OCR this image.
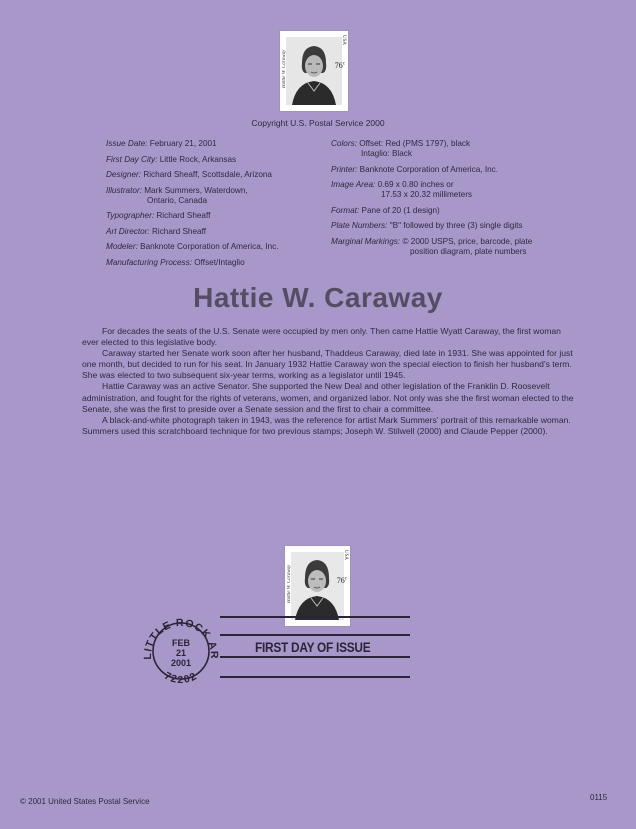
Hattie W. Caraway
USA
76$^c$
Copyright U.S. Postal Service 2000
Issue Date: February 21, 2001
First Day City: Little Rock, Arkansas
Designer: Richard Sheaff, Scottsdale, Arizona
Illustrator: Mark Summers, Waterdown,
Ontario, Canada
Typographer: Richard Sheaff
Art Director: Richard Sheaff
Modeler: Banknote Corporation of America, Inc.
Manufacturing Process: Offset/Intaglio
Colors: Offset: Red (PMS 1797), black
Intaglio: Black
Printer: Banknote Corporation of America, Inc.
Image Area: 0.69 x 0.80 inches or
17.53 x 20.32 millimeters
Format: Pane of 20 (1 design)
Plate Numbers: "B" followed by three (3) single digits
Marginal Markings: © 2000 USPS, price, barcode, plate
position diagram, plate numbers
Hattie W. Caraway

For decades the seats of the U.S. Senate were occupied by men only. Then came Hattie Wyatt Caraway, the first woman ever elected to this legislative body.

Caraway started her Senate work soon after her husband, Thaddeus Caraway, died late in 1931. She was appointed for just one month, but decided to run for his seat. In January 1932 Hattie Caraway won the special election to finish her husband's term. She was elected to two subsequent six-year terms, working as a legislator until 1945.

Hattie Caraway was an active Senator. She supported the New Deal and other legislation of the Franklin D. Roosevelt administration, and fought for the rights of veterans, women, and organized labor. Not only was she the first woman elected to the Senate, she was the first to preside over a Senate session and the first to chair a committee.

A black-and-white photograph taken in 1943, was the reference for artist Mark Summers' portrait of this remarkable woman. Summers used this scratchboard technique for two previous stamps; Joseph W. Stilwell (2000) and Claude Pepper (2000).

Hattie W. Caraway
USA
76$^c$
LITTLE ROCK AR
72202
FEB
21
2001
FIRST DAY OF ISSUE
© 2001 United States Postal Service	0115
